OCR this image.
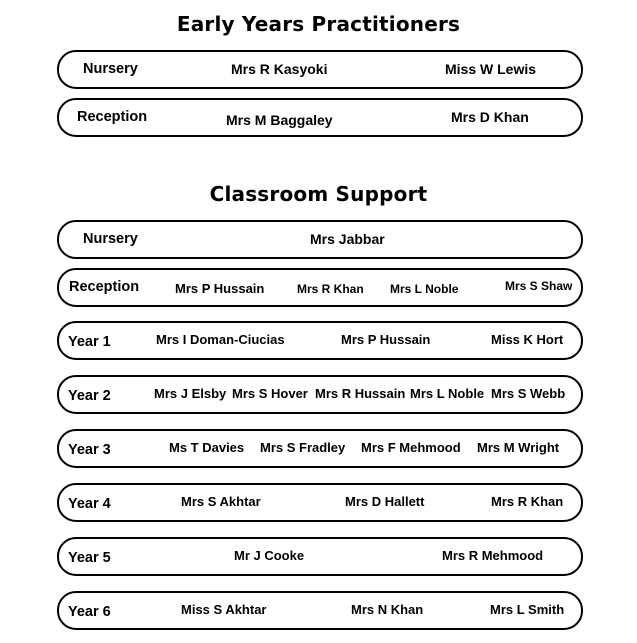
Early Years Practitioners
Nursery	Mrs R Kasyoki	Miss W Lewis
Reception	Mrs M Baggaley	Mrs D Khan
Classroom Support
Nursery	Mrs Jabbar
Reception	Mrs P Hussain	Mrs R Khan Mrs L Noble	Mrs S Shaw
Year 1	Mrs I Doman-Ciucias	Mrs P Hussain	Miss K Hort
Year 2	Mrs J Elsby Mrs S Hover Mrs R Hussain Mrs L Noble Mrs S Webb
Year 3	Ms T Davies Mrs S Fradley Mrs F Mehmood Mrs M Wright
Year 4	Mrs S Akhtar	Mrs D Hallett	Mrs R Khan
Year 5	Mr J Cooke	Mrs R Mehmood
Year 6	Miss S Akhtar	Mrs N Khan	Mrs L Smith
